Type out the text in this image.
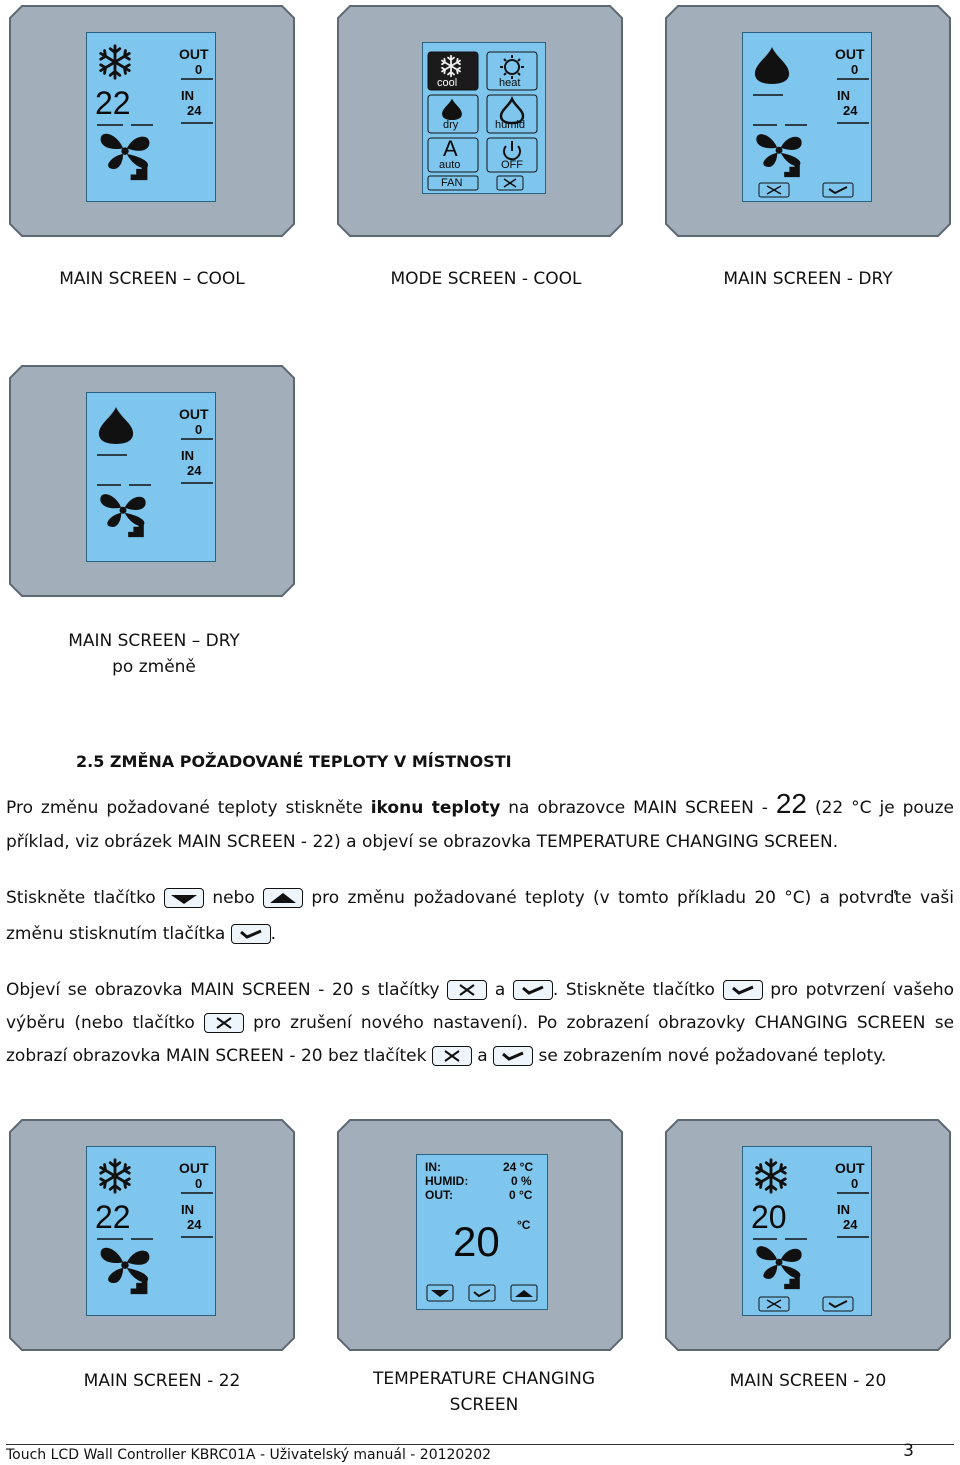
22
OUT
0
IN
24
cool	heat
dry	humid
A
auto	OFF
FAN
OUT
0
IN
24
MAIN SCREEN – COOL	MODE SCREEN - COOL	MAIN SCREEN - DRY
OUT
0
IN
24
MAIN SCREEN – DRY
po změně
2.5 ZMĚNA POŽADOVANÉ TEPLOTY V MÍSTNOSTI
Pro změnu požadované teploty stiskněte ikonu teploty na obrazovce MAIN SCREEN - 22 (22 °C je pouze
příklad, viz obrázek MAIN SCREEN - 22) a objeví se obrazovka TEMPERATURE CHANGING SCREEN.
Stiskněte tlačítko	nebo	pro změnu požadované teploty (v tomto příkladu 20 °C) a potvrďte vaši
změnu stisknutím tlačítka	.
Objeví se obrazovka MAIN SCREEN - 20 s tlačítky	a	. Stiskněte tlačítko	pro potvrzení vašeho
výběru (nebo tlačítko	pro zrušení nového nastavení). Po zobrazení obrazovky CHANGING SCREEN se
zobrazí obrazovka MAIN SCREEN - 20 bez tlačítek	a	se zobrazením nové požadované teploty.
22
OUT
0
IN
24
IN:	24 °C
HUMID:	0 %
OUT:	0 °C
20 °C	20
OUT
0
IN
24
MAIN SCREEN - 22	TEMPERATURE CHANGING
SCREEN
MAIN SCREEN - 20
Touch LCD Wall Controller KBRC01A - Uživatelský manuál - 20120202	3
